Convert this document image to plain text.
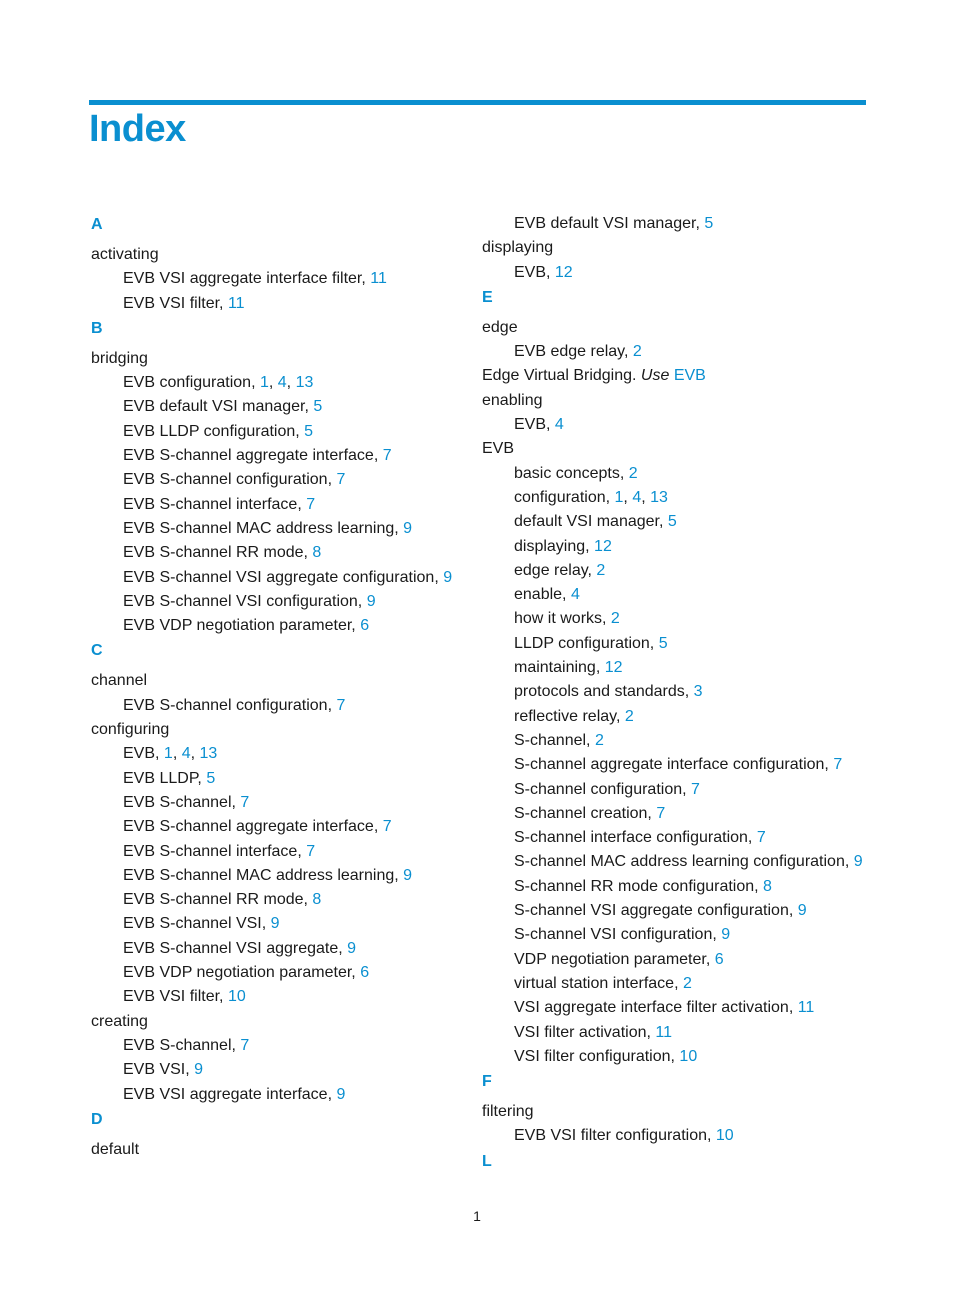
Index
A
activating
EVB VSI aggregate interface filter, 11
EVB VSI filter, 11
B
bridging
EVB configuration, 1, 4, 13
EVB default VSI manager, 5
EVB LLDP configuration, 5
EVB S-channel aggregate interface, 7
EVB S-channel configuration, 7
EVB S-channel interface, 7
EVB S-channel MAC address learning, 9
EVB S-channel RR mode, 8
EVB S-channel VSI aggregate configuration, 9
EVB S-channel VSI configuration, 9
EVB VDP negotiation parameter, 6
C
channel
EVB S-channel configuration, 7
configuring
EVB, 1, 4, 13
EVB LLDP, 5
EVB S-channel, 7
EVB S-channel aggregate interface, 7
EVB S-channel interface, 7
EVB S-channel MAC address learning, 9
EVB S-channel RR mode, 8
EVB S-channel VSI, 9
EVB S-channel VSI aggregate, 9
EVB VDP negotiation parameter, 6
EVB VSI filter, 10
creating
EVB S-channel, 7
EVB VSI, 9
EVB VSI aggregate interface, 9
D
default
EVB default VSI manager, 5
displaying
EVB, 12
E
edge
EVB edge relay, 2
Edge Virtual Bridging. Use EVB
enabling
EVB, 4
EVB
basic concepts, 2
configuration, 1, 4, 13
default VSI manager, 5
displaying, 12
edge relay, 2
enable, 4
how it works, 2
LLDP configuration, 5
maintaining, 12
protocols and standards, 3
reflective relay, 2
S-channel, 2
S-channel aggregate interface configuration, 7
S-channel configuration, 7
S-channel creation, 7
S-channel interface configuration, 7
S-channel MAC address learning configuration, 9
S-channel RR mode configuration, 8
S-channel VSI aggregate configuration, 9
S-channel VSI configuration, 9
VDP negotiation parameter, 6
virtual station interface, 2
VSI aggregate interface filter activation, 11
VSI filter activation, 11
VSI filter configuration, 10
F
filtering
EVB VSI filter configuration, 10
L
1
